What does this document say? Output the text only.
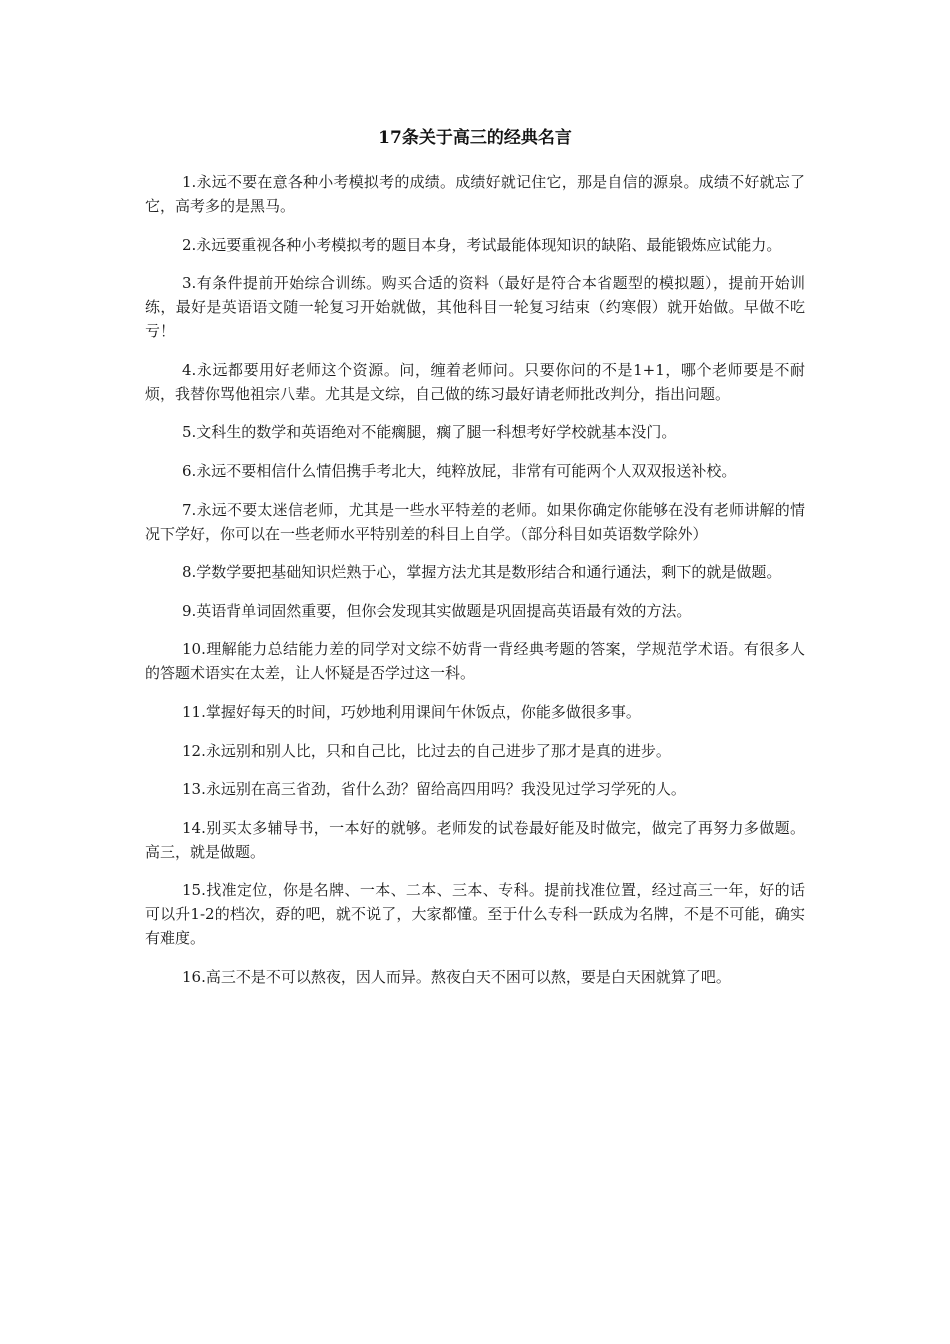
17条关于高三的经典名言

1.永远不要在意各种小考模拟考的成绩。成绩好就记住它，那是自信的源泉。成绩不好就忘了它，高考多的是黑马。

2.永远要重视各种小考模拟考的题目本身，考试最能体现知识的缺陷、最能锻炼应试能力。

3.有条件提前开始综合训练。购买合适的资料（最好是符合本省题型的模拟题），提前开始训练，最好是英语语文随一轮复习开始就做，其他科目一轮复习结束（约寒假）就开始做。早做不吃亏！

4.永远都要用好老师这个资源。问，缠着老师问。只要你问的不是1+1，哪个老师要是不耐烦，我替你骂他祖宗八辈。尤其是文综，自己做的练习最好请老师批改判分，指出问题。

5.文科生的数学和英语绝对不能瘸腿，瘸了腿一科想考好学校就基本没门。

6.永远不要相信什么情侣携手考北大，纯粹放屁，非常有可能两个人双双报送补校。

7.永远不要太迷信老师，尤其是一些水平特差的老师。如果你确定你能够在没有老师讲解的情况下学好，你可以在一些老师水平特别差的科目上自学。（部分科目如英语数学除外）

8.学数学要把基础知识烂熟于心，掌握方法尤其是数形结合和通行通法，剩下的就是做题。

9.英语背单词固然重要，但你会发现其实做题是巩固提高英语最有效的方法。

10.理解能力总结能力差的同学对文综不妨背一背经典考题的答案，学规范学术语。有很多人的答题术语实在太差，让人怀疑是否学过这一科。

11.掌握好每天的时间，巧妙地利用课间午休饭点，你能多做很多事。

12.永远别和别人比，只和自己比，比过去的自己进步了那才是真的进步。

13.永远别在高三省劲，省什么劲？留给高四用吗？我没见过学习学死的人。

14.别买太多辅导书，一本好的就够。老师发的试卷最好能及时做完，做完了再努力多做题。高三，就是做题。

15.找准定位，你是名牌、一本、二本、三本、专科。提前找准位置，经过高三一年，好的话可以升1-2的档次，孬的吧，就不说了，大家都懂。至于什么专科一跃成为名牌，不是不可能，确实有难度。

16.高三不是不可以熬夜，因人而异。熬夜白天不困可以熬，要是白天困就算了吧。
